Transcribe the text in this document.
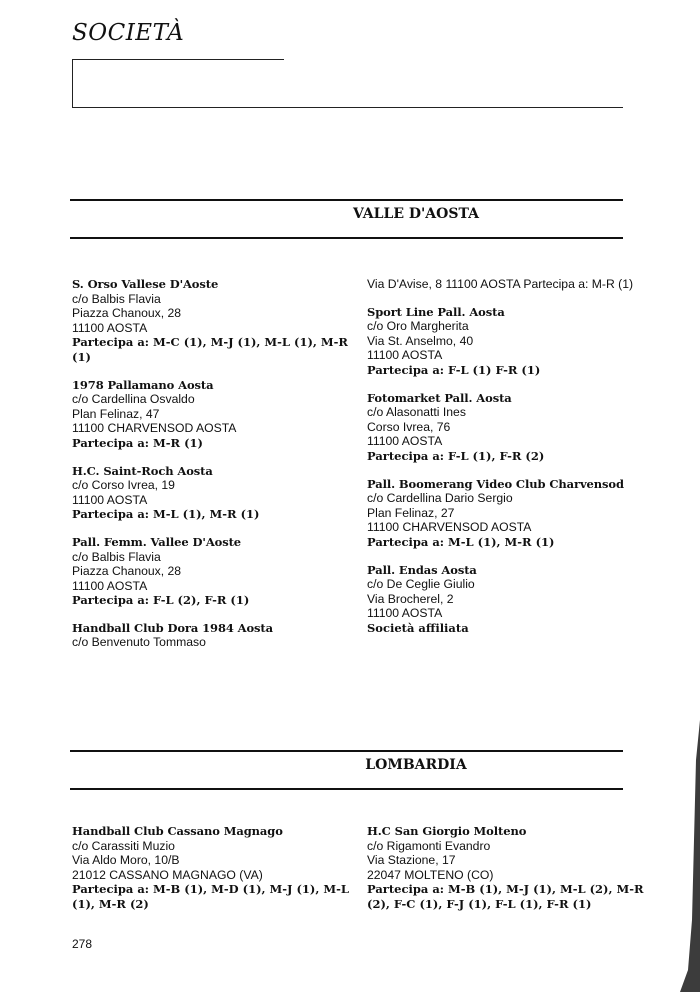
SOCIETÀ
VALLE D'AOSTA
S. Orso Vallese D'Aoste
c/o Balbis Flavia
Piazza Chanoux, 28
11100 AOSTA
Partecipa a: M-C (1), M-J (1), M-L (1), M-R (1)
1978 Pallamano Aosta
c/o Cardellina Osvaldo
Plan Felinaz, 47
11100 CHARVENSOD AOSTA
Partecipa a: M-R (1)
H.C. Saint-Roch Aosta
c/o Corso Ivrea, 19
11100 AOSTA
Partecipa a: M-L (1), M-R (1)
Pall. Femm. Vallee D'Aoste
c/o Balbis Flavia
Piazza Chanoux, 28
11100 AOSTA
Partecipa a: F-L (2), F-R (1)
Handball Club Dora 1984 Aosta
c/o Benvenuto Tommaso
Via D'Avise, 8 11100 AOSTA Partecipa a: M-R (1)
Sport Line Pall. Aosta
c/o Oro Margherita
Via St. Anselmo, 40
11100 AOSTA
Partecipa a: F-L (1) F-R (1)
Fotomarket Pall. Aosta
c/o Alasonatti Ines
Corso Ivrea, 76
11100 AOSTA
Partecipa a: F-L (1), F-R (2)
Pall. Boomerang Video Club Charvensod
c/o Cardellina Dario Sergio
Plan Felinaz, 27
11100 CHARVENSOD AOSTA
Partecipa a: M-L (1), M-R (1)
Pall. Endas Aosta
c/o De Ceglie Giulio
Via Brocherel, 2
11100 AOSTA
Società affiliata
LOMBARDIA
Handball Club Cassano Magnago
c/o Carassiti Muzio
Via Aldo Moro, 10/B
21012 CASSANO MAGNAGO (VA)
Partecipa a: M-B (1), M-D (1), M-J (1), M-L (1), M-R (2)
H.C San Giorgio Molteno
c/o Rigamonti Evandro
Via Stazione, 17
22047 MOLTENO (CO)
Partecipa a: M-B (1), M-J (1), M-L (2), M-R (2), F-C (1), F-J (1), F-L (1), F-R (1)
278
